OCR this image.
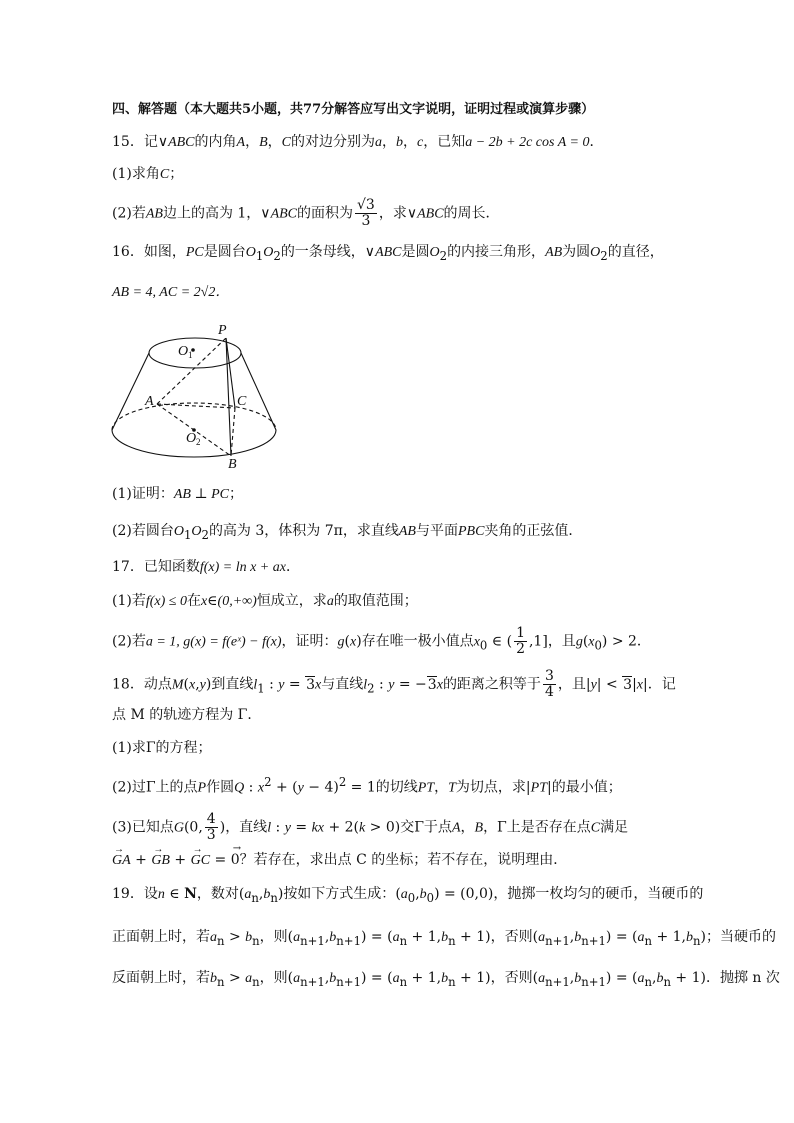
四、解答题（本大题共5小题，共77分解答应写出文字说明，证明过程或演算步骤）
15．记∨ABC的内角A，B，C的对边分别为a，b，c，已知a − 2b + 2c cos A = 0．
(1)求角C；
(2)若AB边上的高为 1，∨ABC的面积为 $\frac{√3}{3}$ ，求∨ABC的周长．
16．如图，PC是圆台$O_1O_2$的一条母线，∨ABC是圆$O_2$的内接三角形，AB为圆$O_2$的直径，
AB = 4, AC = 2√2．
P
O 1
A	C
O 2
B
(1)证明：AB ⊥ PC；
(2)若圆台$O_1O_2$的高为 3，体积为 7π，求直线AB与平面PBC夹角的正弦值．
17．已知函数f(x) = ln x + ax．
(1)若f(x) ≤ 0在x∈(0,+∞)恒成立，求a的取值范围；
(2)若a = 1, g(x) = f(eˣ) − f(x)，证明：g(x)存在唯一极小值点$x_0$ ∈ ( $\frac{1}{2} ,1$]，且$g(x_0) > 2$．
18．动点M(x,y)到直线$l_1$ : y = 3x与直线$l_2$ : y = −3x的距离之积等于 $\frac{3}{4}$ ，且|y| < 3|x|．记
点 M 的轨迹方程为 Γ．
(1)求Γ的方程；
(2)过Γ上的点P作圆Q : $x^2 + (y - 4)^2 = 1$的切线PT，T为切点，求|PT|的最小值；
(3)已知点G(0, $\frac{4}{3}$ )，直线l : y = kx + 2(k > 0)交Γ于点A，B，Γ上是否存在点C满足
→ GA + → GB + → GC = → 0？若存在，求出点 C 的坐标；若不存在，说明理由．
19．设n ∈ N，数对$(a_n,b_n)$按如下方式生成：$(a_0,b_0) = (0,0)$，抛掷一枚均匀的硬币，当硬币的
正面朝上时，若$a_n > b_n$，则$(a_{n+1},b_{n+1}) = (a_n + 1,b_n + 1)$，否则$(a_{n+1},b_{n+1}) = (a_n + 1,b_n)$；当硬币的
反面朝上时，若$b_n > a_n$，则$(a_{n+1},b_{n+1}) = (a_n + 1,b_n + 1)$，否则$(a_{n+1},b_{n+1}) = (a_n,b_n + 1)$．抛掷 n 次
